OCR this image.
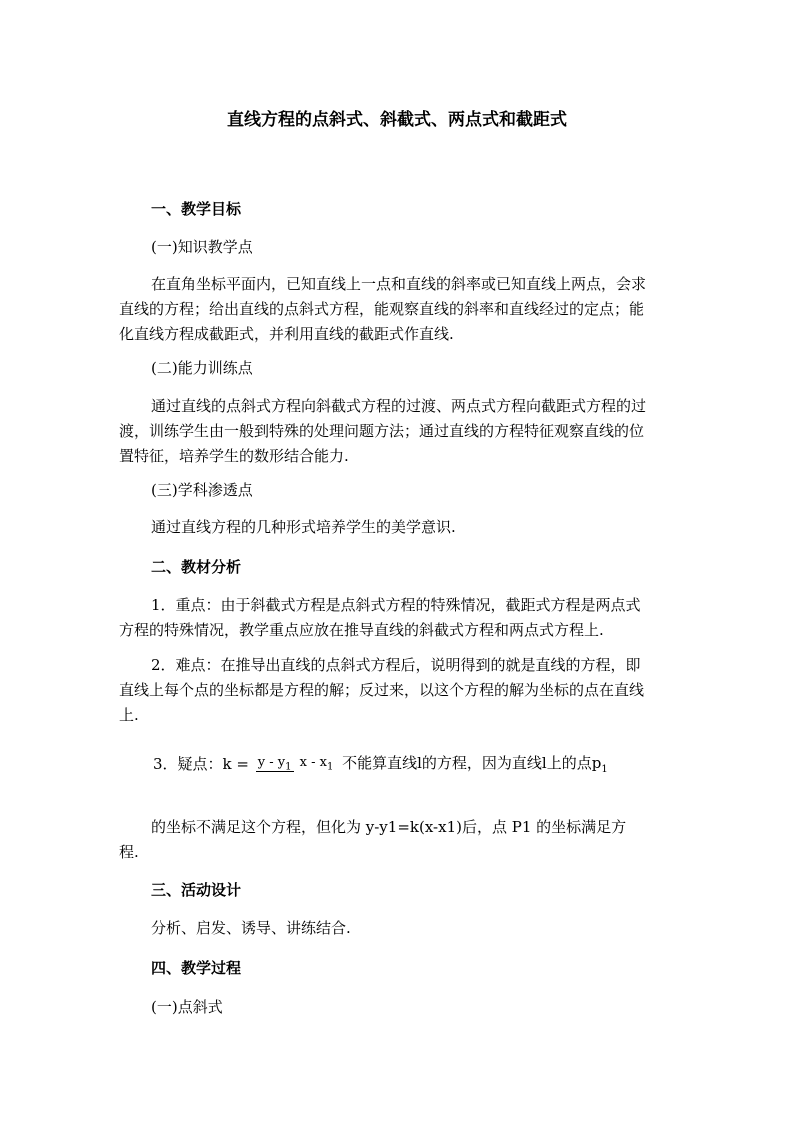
直线方程的点斜式、斜截式、两点式和截距式
一、教学目标
(一)知识教学点
在直角坐标平面内，已知直线上一点和直线的斜率或已知直线上两点，会求
直线的方程；给出直线的点斜式方程，能观察直线的斜率和直线经过的定点；能
化直线方程成截距式，并利用直线的截距式作直线.
(二)能力训练点
通过直线的点斜式方程向斜截式方程的过渡、两点式方程向截距式方程的过
渡，训练学生由一般到特殊的处理问题方法；通过直线的方程特征观察直线的位
置特征，培养学生的数形结合能力.
(三)学科渗透点
通过直线方程的几种形式培养学生的美学意识.
二、教材分析
1．重点：由于斜截式方程是点斜式方程的特殊情况，截距式方程是两点式
方程的特殊情况，教学重点应放在推导直线的斜截式方程和两点式方程上.
2．难点：在推导出直线的点斜式方程后，说明得到的就是直线的方程，即
直线上每个点的坐标都是方程的解；反过来，以这个方程的解为坐标的点在直线
上.
3．疑点：$k = y - y_1$ x - $x_1$ 不能算直线l的方程，因为直线l上的点$p_1$
的坐标不满足这个方程，但化为 y-y1=k(x-x1)后，点 P1 的坐标满足方
程.
三、活动设计
分析、启发、诱导、讲练结合.
四、教学过程
(一)点斜式
